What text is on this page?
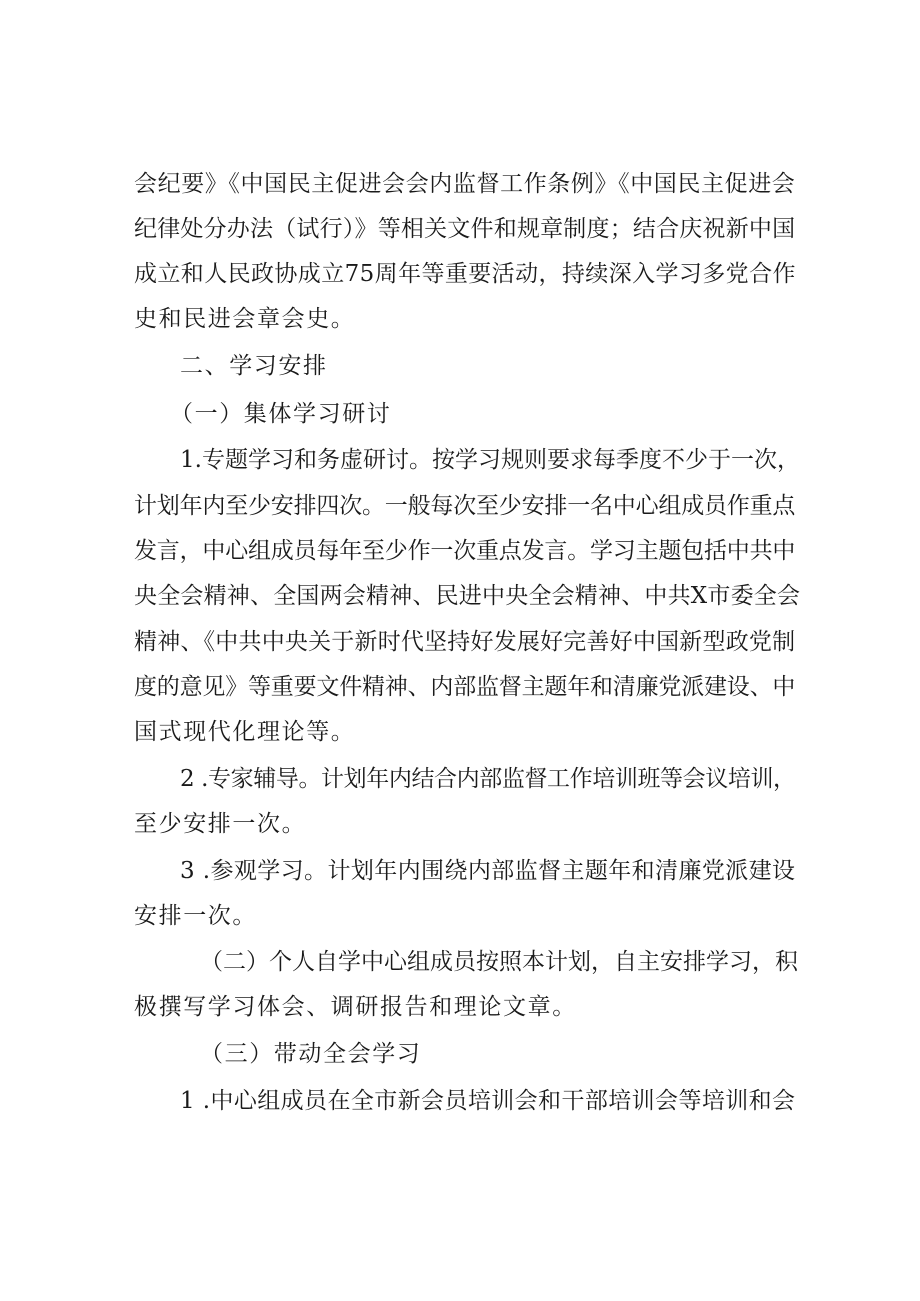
会纪要》《中国民主促进会会内监督工作条例》《中国民主促进会
纪律处分办法（试行）》等相关文件和规章制度；结合庆祝新中国
成立和人民政协成立75周年等重要活动，持续深入学习多党合作
史和民进会章会史。
二、学习安排
（一）集体学习研讨
1.专题学习和务虚研讨。按学习规则要求每季度不少于一次，
计划年内至少安排四次。一般每次至少安排一名中心组成员作重点
发言，中心组成员每年至少作一次重点发言。学习主题包括中共中
央全会精神、全国两会精神、民进中央全会精神、中共X市委全会
精神、《中共中央关于新时代坚持好发展好完善好中国新型政党制
度的意见》等重要文件精神、内部监督主题年和清廉党派建设、中
国式现代化理论等。
2 .专家辅导。计划年内结合内部监督工作培训班等会议培训，
至少安排一次。
3 .参观学习。计划年内围绕内部监督主题年和清廉党派建设
安排一次。
（二）个人自学中心组成员按照本计划，自主安排学习，积
极撰写学习体会、调研报告和理论文章。
（三）带动全会学习
1 .中心组成员在全市新会员培训会和干部培训会等培训和会
